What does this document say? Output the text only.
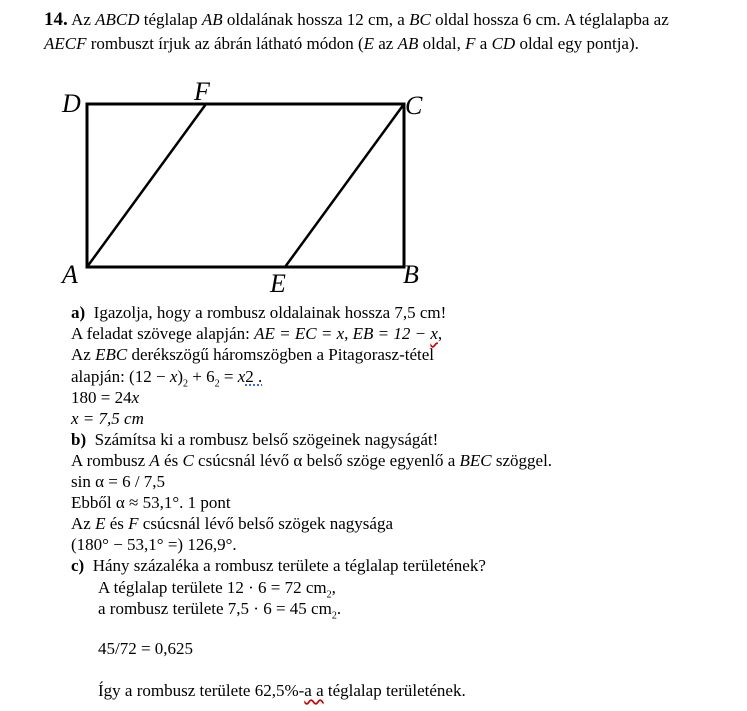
14. Az ABCD téglalap AB oldalának hossza 12 cm, a BC oldal hossza 6 cm. A téglalapba az
AECF rombuszt írjuk az ábrán látható módon (E az AB oldal, F a CD oldal egy pontja).
D	F	C
A	E	B
a) Igazolja, hogy a rombusz oldalainak hossza 7,5 cm!
A feladat szövege alapján: AE = EC = x, EB = 12 − x,
Az EBC derékszögű háromszögben a Pitagorasz-tétel
alapján: $(12 - x)_2 + 6_2 = x2$ .
180 = 24x
x = 7,5 cm
b) Számítsa ki a rombusz belső szögeinek nagyságát!
A rombusz A és C csúcsnál lévő α belső szöge egyenlő a BEC szöggel.
sin α = 6 / 7,5
Ebből α ≈ 53,1°. 1 pont
Az E és F csúcsnál lévő belső szögek nagysága
(180° − 53,1° =) 126,9°.
c) Hány százaléka a rombusz területe a téglalap területének?
A téglalap területe 12 · 6 = 72 $cm_2$,
a rombusz területe 7,5 · 6 = 45 $cm_2$.
45/72 = 0,625
Így a rombusz területe 62,5%-a a téglalap területének.
